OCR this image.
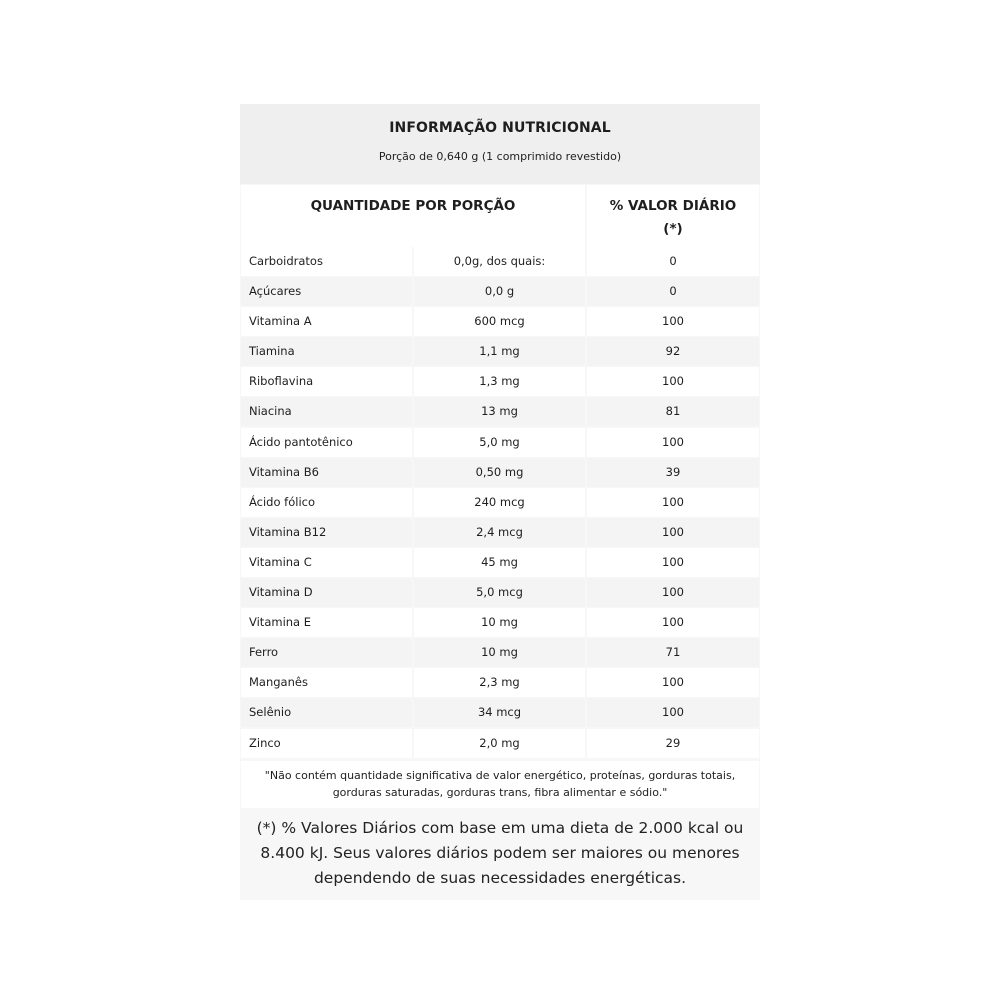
INFORMAÇÃO NUTRICIONAL
Porção de 0,640 g (1 comprimido revestido)
QUANTIDADE POR PORÇÃO	% VALOR DIÁRIO (*)
Carboidratos	0,0g, dos quais:	0
Açúcares	0,0 g	0
Vitamina A	600 mcg	100
Tiamina	1,1 mg	92
Riboflavina	1,3 mg	100
Niacina	13 mg	81
Ácido pantotênico	5,0 mg	100
Vitamina B6	0,50 mg	39
Ácido fólico	240 mcg	100
Vitamina B12	2,4 mcg	100
Vitamina C	45 mg	100
Vitamina D	5,0 mcg	100
Vitamina E	10 mg	100
Ferro	10 mg	71
Manganês	2,3 mg	100
Selênio	34 mcg	100
Zinco	2,0 mg	29
"Não contém quantidade significativa de valor energético, proteínas, gorduras totais, gorduras saturadas, gorduras trans, fibra alimentar e sódio."
(*) % Valores Diários com base em uma dieta de 2.000 kcal ou 8.400 kJ. Seus valores diários podem ser maiores ou menores dependendo de suas necessidades energéticas.
